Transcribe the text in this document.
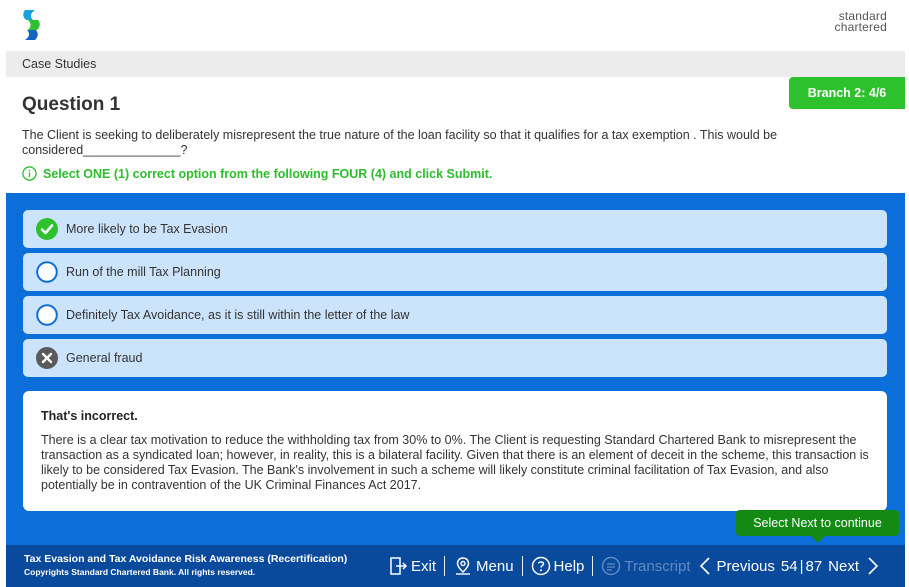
standard
chartered
Case Studies
Branch 2: 4/6
Question 1
The Client is seeking to deliberately misrepresent the true nature of the loan facility so that it qualifies for a tax exemption . This would be considered______________?
Select ONE (1) correct option from the following FOUR (4) and click Submit.
More likely to be Tax Evasion
Run of the mill Tax Planning
Definitely Tax Avoidance, as it is still within the letter of the law
General fraud
That's incorrect.
There is a clear tax motivation to reduce the withholding tax from 30% to 0%. The Client is requesting Standard Chartered Bank to misrepresent the transaction as a syndicated loan; however, in reality, this is a bilateral facility. Given that there is an element of deceit in the scheme, this transaction is likely to be considered Tax Evasion. The Bank's involvement in such a scheme will likely constitute criminal facilitation of Tax Evasion, and also potentially be in contravention of the UK Criminal Finances Act 2017.
Select Next to continue
Tax Evasion and Tax Avoidance Risk Awareness (Recertification)
Copyrights Standard Chartered Bank. All rights reserved.	Exit	Menu	Help	Transcript Previous 54 | 87 Next
